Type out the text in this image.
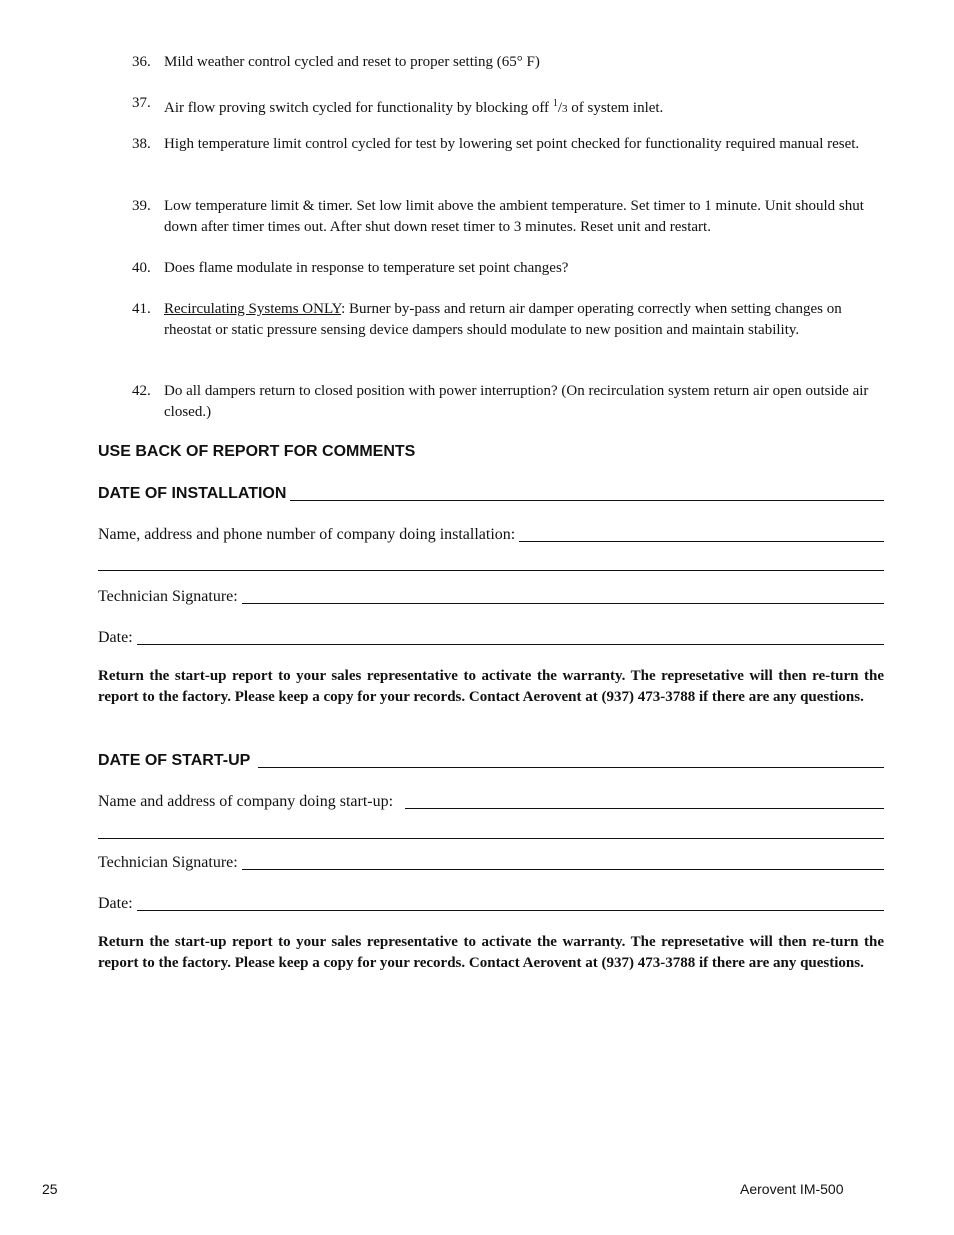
36. Mild weather control cycled and reset to proper setting (65° F)
37. Air flow proving switch cycled for functionality by blocking off $^1$/3 of system inlet.
38. High temperature limit control cycled for test by lowering set point checked for functionality required manual reset.
39. Low temperature limit & timer. Set low limit above the ambient temperature. Set timer to 1 minute. Unit should shut down after timer times out. After shut down reset timer to 3 minutes. Reset unit and restart.
40. Does flame modulate in response to temperature set point changes?
41. Recirculating Systems ONLY: Burner by-pass and return air damper operating correctly when setting changes on rheostat or static pressure sensing device dampers should modulate to new position and maintain stability.
42. Do all dampers return to closed position with power interruption? (On recirculation system return air open outside air closed.)
USE BACK OF REPORT FOR COMMENTS
DATE OF INSTALLATION
Name, address and phone number of company doing installation:
Technician Signature:
Date:
Return the start-up report to your sales representative to activate the warranty. The represetative will then re-turn the report to the factory. Please keep a copy for your records. Contact Aerovent at (937) 473-3788 if there are any questions.
DATE OF START-UP
Name and address of company doing start-up:
Technician Signature:
Date:
Return the start-up report to your sales representative to activate the warranty. The represetative will then re-turn the report to the factory. Please keep a copy for your records. Contact Aerovent at (937) 473-3788 if there are any questions.
25	Aerovent IM-500
